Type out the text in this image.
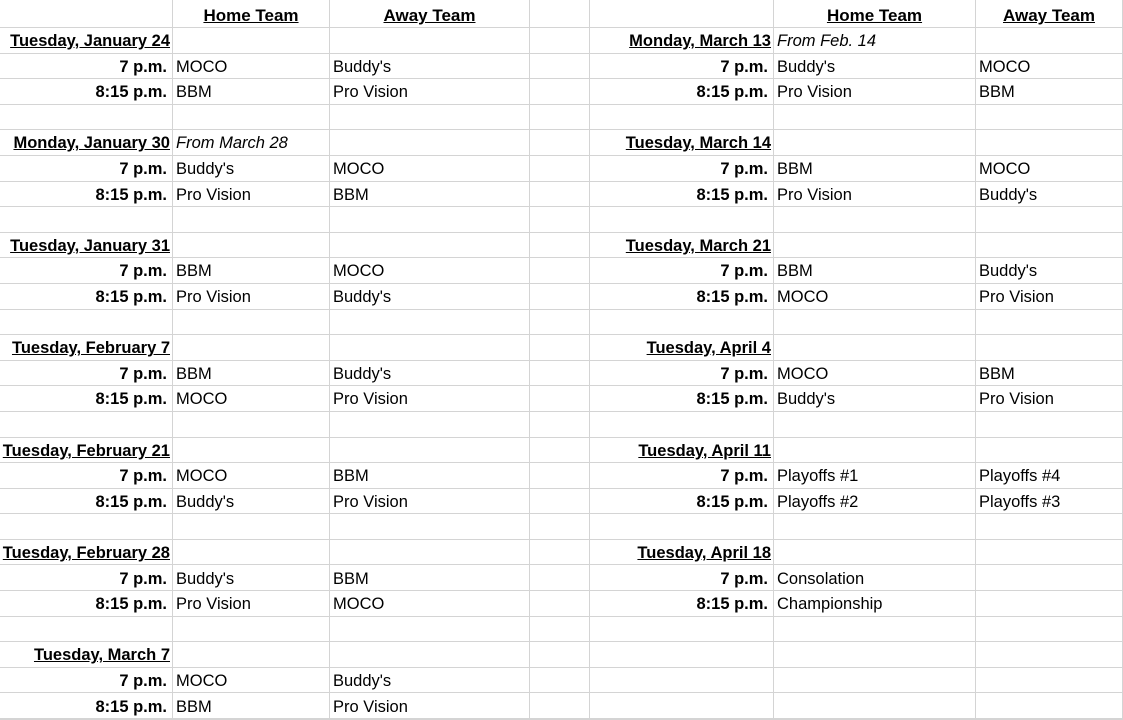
Home Team	Away Team	Home Team	Away Team
Tuesday, January 24	Monday, March 13 From Feb. 14
7 p.m. MOCO	Buddy's	7 p.m. Buddy's	MOCO
8:15 p.m. BBM	Pro Vision	8:15 p.m. Pro Vision	BBM
Monday, January 30 From March 28	Tuesday, March 14
7 p.m. Buddy's	MOCO	7 p.m. BBM	MOCO
8:15 p.m. Pro Vision	BBM	8:15 p.m. Pro Vision	Buddy's
Tuesday, January 31	Tuesday, March 21
7 p.m. BBM	MOCO	7 p.m. BBM	Buddy's
8:15 p.m. Pro Vision	Buddy's	8:15 p.m. MOCO	Pro Vision
Tuesday, February 7	Tuesday, April 4
7 p.m. BBM	Buddy's	7 p.m. MOCO	BBM
8:15 p.m. MOCO	Pro Vision	8:15 p.m. Buddy's	Pro Vision
Tuesday, February 21	Tuesday, April 11
7 p.m. MOCO	BBM	7 p.m. Playoffs #1	Playoffs #4
8:15 p.m. Buddy's	Pro Vision	8:15 p.m. Playoffs #2	Playoffs #3
Tuesday, February 28	Tuesday, April 18
7 p.m. Buddy's	BBM	7 p.m. Consolation
8:15 p.m. Pro Vision	MOCO	8:15 p.m. Championship
Tuesday, March 7
7 p.m. MOCO	Buddy's
8:15 p.m. BBM	Pro Vision
